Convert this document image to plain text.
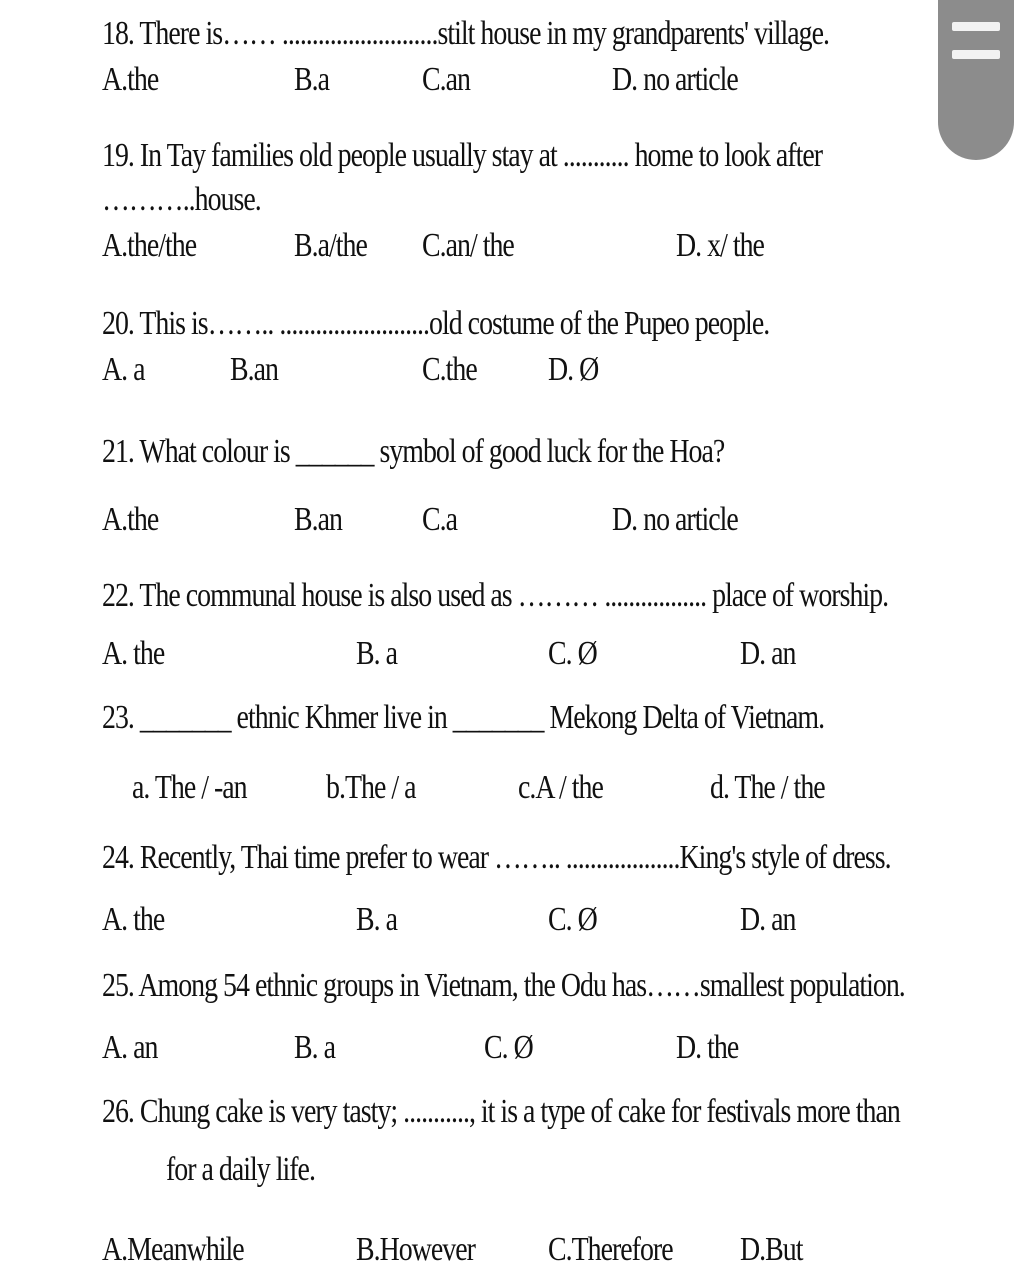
18. There is…… ..........................stilt house in my grandparents' village.
A.the	B.a	C.an	D. no article
19. In Tay families old people usually stay at ........... home to look after
………..house.
A.the/the	B.a/the C.an/ the	D. x/ the
20. This is…….. .........................old costume of the Pupeo people.
A. a	B.an	C.the D. Ø
21. What colour is ______ symbol of good luck for the Hoa?
A.the	B.an C.a	D. no article
22. The communal house is also used as ……… ................. place of worship.
A. the	B. a	C. Ø	D. an
23. _______ ethnic Khmer live in _______ Mekong Delta of Vietnam.
a. The / -an b.The / a	c.A / the	d. The / the
24. Recently, Thai time prefer to wear …….. ...................King's style of dress.
A. the	B. a	C. Ø	D. an
25. Among 54 ethnic groups in Vietnam, the Odu has……smallest population.
A. an	B. a	C. Ø	D. the
26. Chung cake is very tasty; ..........., it is a type of cake for festivals more than
for a daily life.
A.Meanwhile	B.However C.Therefore D.But
